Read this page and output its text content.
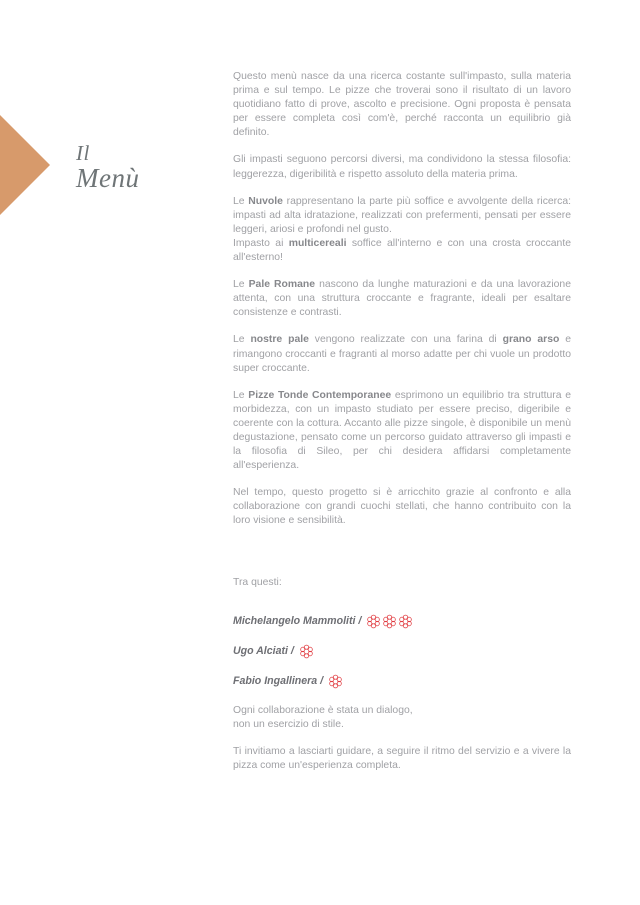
Il
Menù

Questo menù nasce da una ricerca costante sull'impasto, sulla materia prima e sul tempo. Le pizze che troverai sono il risultato di un lavoro quotidiano fatto di prove, ascolto e precisione. Ogni proposta è pensata per essere completa così com'è, perché racconta un equilibrio già definito.

Gli impasti seguono percorsi diversi, ma condividono la stessa filosofia: leggerezza, digeribilità e rispetto assoluto della materia prima.

Le Nuvole rappresentano la parte più soffice e avvolgente della ricerca: impasti ad alta idratazione, realizzati con prefermenti, pensati per essere leggeri, ariosi e profondi nel gusto.

Impasto ai multicereali soffice all'interno e con una crosta croccante all'esterno!

Le Pale Romane nascono da lunghe maturazioni e da una lavorazione attenta, con una struttura croccante e fragrante, ideali per esaltare consistenze e contrasti.

Le nostre pale vengono realizzate con una farina di grano arso e rimangono croccanti e fragranti al morso adatte per chi vuole un prodotto super croccante.

Le Pizze Tonde Contemporanee esprimono un equilibrio tra struttura e morbidezza, con un impasto studiato per essere preciso, digeribile e coerente con la cottura. Accanto alle pizze singole, è disponibile un menù degustazione, pensato come un percorso guidato attraverso gli impasti e la filosofia di Sileo, per chi desidera affidarsi completamente all'esperienza.

Nel tempo, questo progetto si è arricchito grazie al confronto e alla collaborazione con grandi cuochi stellati, che hanno contribuito con la loro visione e sensibilità.

Tra questi:

Michelangelo Mammoliti /
Ugo Alciati /
Fabio Ingallinera /

Ogni collaborazione è stata un dialogo,
non un esercizio di stile.

Ti invitiamo a lasciarti guidare, a seguire il ritmo del servizio e a vivere la pizza come un'esperienza completa.
